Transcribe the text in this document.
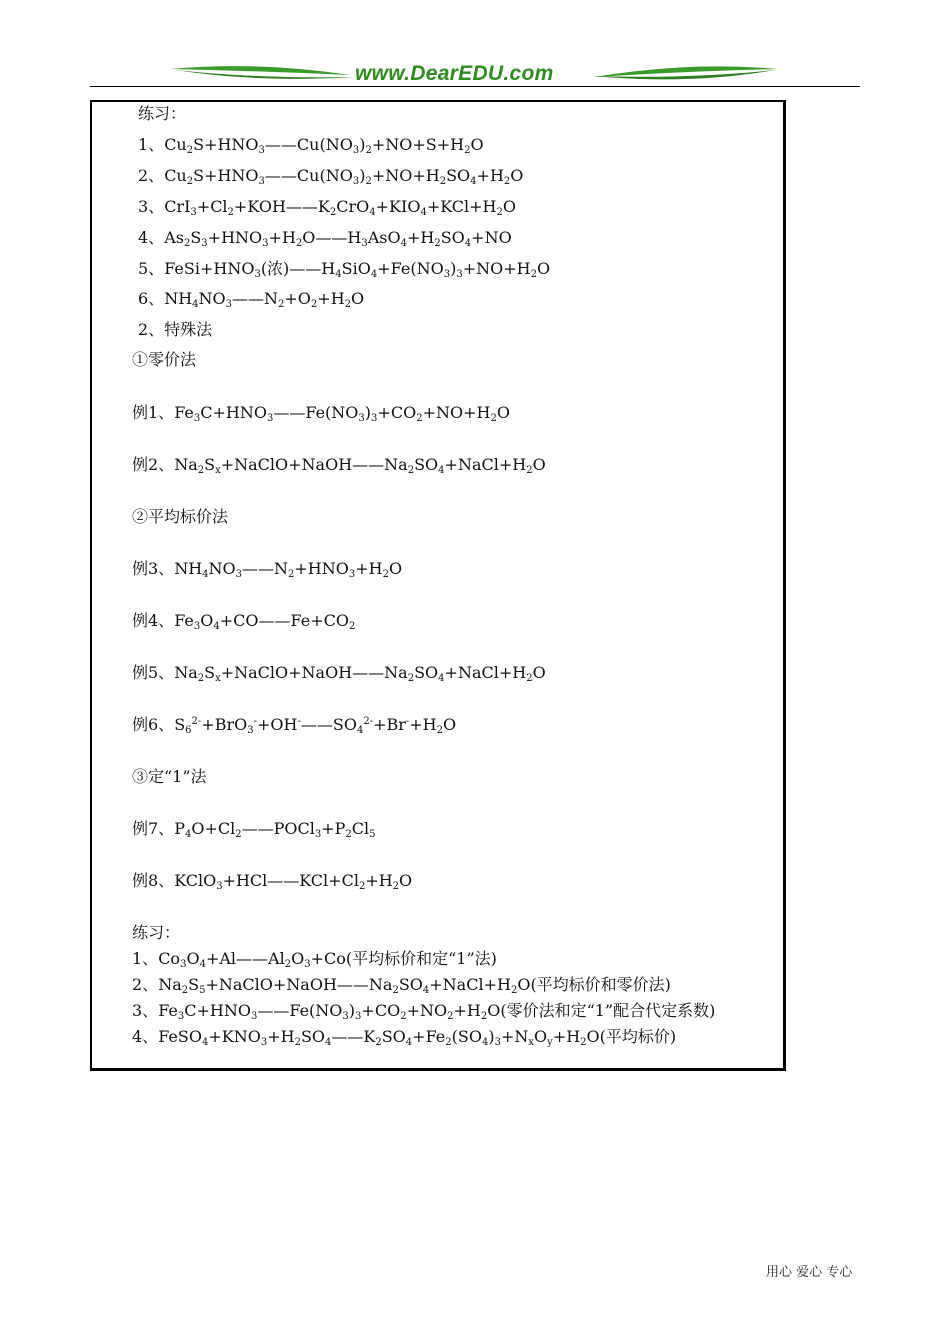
www.DearEDU.com
练习：
1、$Cu_2S+HNO_3——Cu(NO_3)_2+NO+S+H_2O$
2、$Cu_2S+HNO_3——Cu(NO_3)_2+NO+H_2SO_4+H_2O$
3、$CrI_3+Cl_2+KOH——K_2CrO_4+KIO_4+KCl+H_2O$
4、$As_2S_3+HNO_3+H_2O——H_3AsO_4+H_2SO_4+NO$
5、$FeSi+HNO_3$(浓)$——H_4SiO_4+Fe(NO_3)_3+NO+H_2O$
6、$NH_4NO_3——N_2+O_2+H_2O$
2、特殊法
①零价法
例1、$Fe_3C+HNO_3——Fe(NO_3)_3+CO_2+NO+H_2O$
例2、$Na_2S_x+NaClO+NaOH——Na_2SO_4+NaCl+H_2O$
②平均标价法
例3、$NH_4NO_3——N_2+HNO_3+H_2O$
例4、$Fe_3O_4+CO——Fe+CO_2$
例5、$Na_2S_x+NaClO+NaOH——Na_2SO_4+NaCl+H_2O$
例6、$S_6^{2-}+BrO_3^-+OH^-——SO_4^{2-}+Br^-+H_2O$
③定“1”法
例7、$P_4O+Cl_2——POCl_3+P_2Cl_5$
例8、$KClO_3+HCl——KCl+Cl_2+H_2O$
练习：
1、$Co_3O_4+Al——Al_2O_3+Co$(平均标价和定“1”法)
2、$Na_2S_5+NaClO+NaOH——Na_2SO_4+NaCl+H_2O$(平均标价和零价法)
3、$Fe_3C+HNO_3——Fe(NO_3)_3+CO_2+NO_2+H_2O$(零价法和定“1”配合代定系数)
4、$FeSO_4+KNO_3+H_2SO_4——K_2SO_4+Fe_2(SO_4)_3+N_xO_y+H_2O$(平均标价)
用心 爱心 专心
